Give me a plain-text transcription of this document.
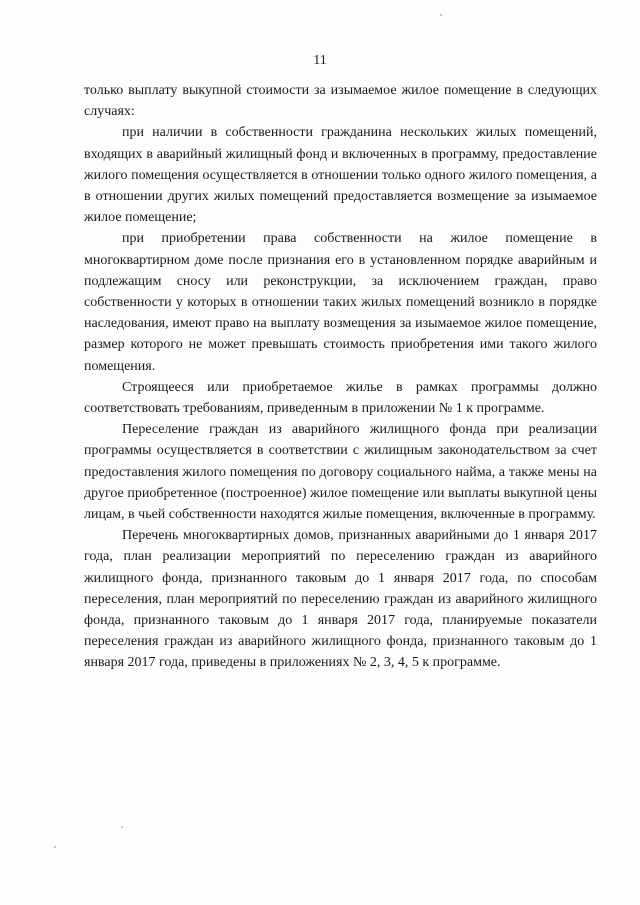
11

только выплату выкупной стоимости за изымаемое жилое помещение в следующих случаях:

при наличии в собственности гражданина нескольких жилых помещений, входящих в аварийный жилищный фонд и включенных в программу, предоставление жилого помещения осуществляется в отношении только одного жилого помещения, а в отношении других жилых помещений предоставляется возмещение за изымаемое жилое помещение;

при приобретении права собственности на жилое помещение в многоквартирном доме после признания его в установленном порядке аварийным и подлежащим сносу или реконструкции, за исключением граждан, право собственности у которых в отношении таких жилых помещений возникло в порядке наследования, имеют право на выплату возмещения за изымаемое жилое помещение, размер которого не может превышать стоимость приобретения ими такого жилого помещения.

Строящееся или приобретаемое жилье в рамках программы должно соответствовать требованиям, приведенным в приложении № 1 к программе.

Переселение граждан из аварийного жилищного фонда при реализации программы осуществляется в соответствии с жилищным законодательством за счет предоставления жилого помещения по договору социального найма, а также мены на другое приобретенное (построенное) жилое помещение или выплаты выкупной цены лицам, в чьей собственности находятся жилые помещения, включенные в программу.

Перечень многоквартирных домов, признанных аварийными до 1 января 2017 года, план реализации мероприятий по переселению граждан из аварийного жилищного фонда, признанного таковым до 1 января 2017 года, по способам переселения, план мероприятий по переселению граждан из аварийного жилищного фонда, признанного таковым до 1 января 2017 года, планируемые показатели переселения граждан из аварийного жилищного фонда, признанного таковым до 1 января 2017 года, приведены в приложениях № 2, 3, 4, 5 к программе.
